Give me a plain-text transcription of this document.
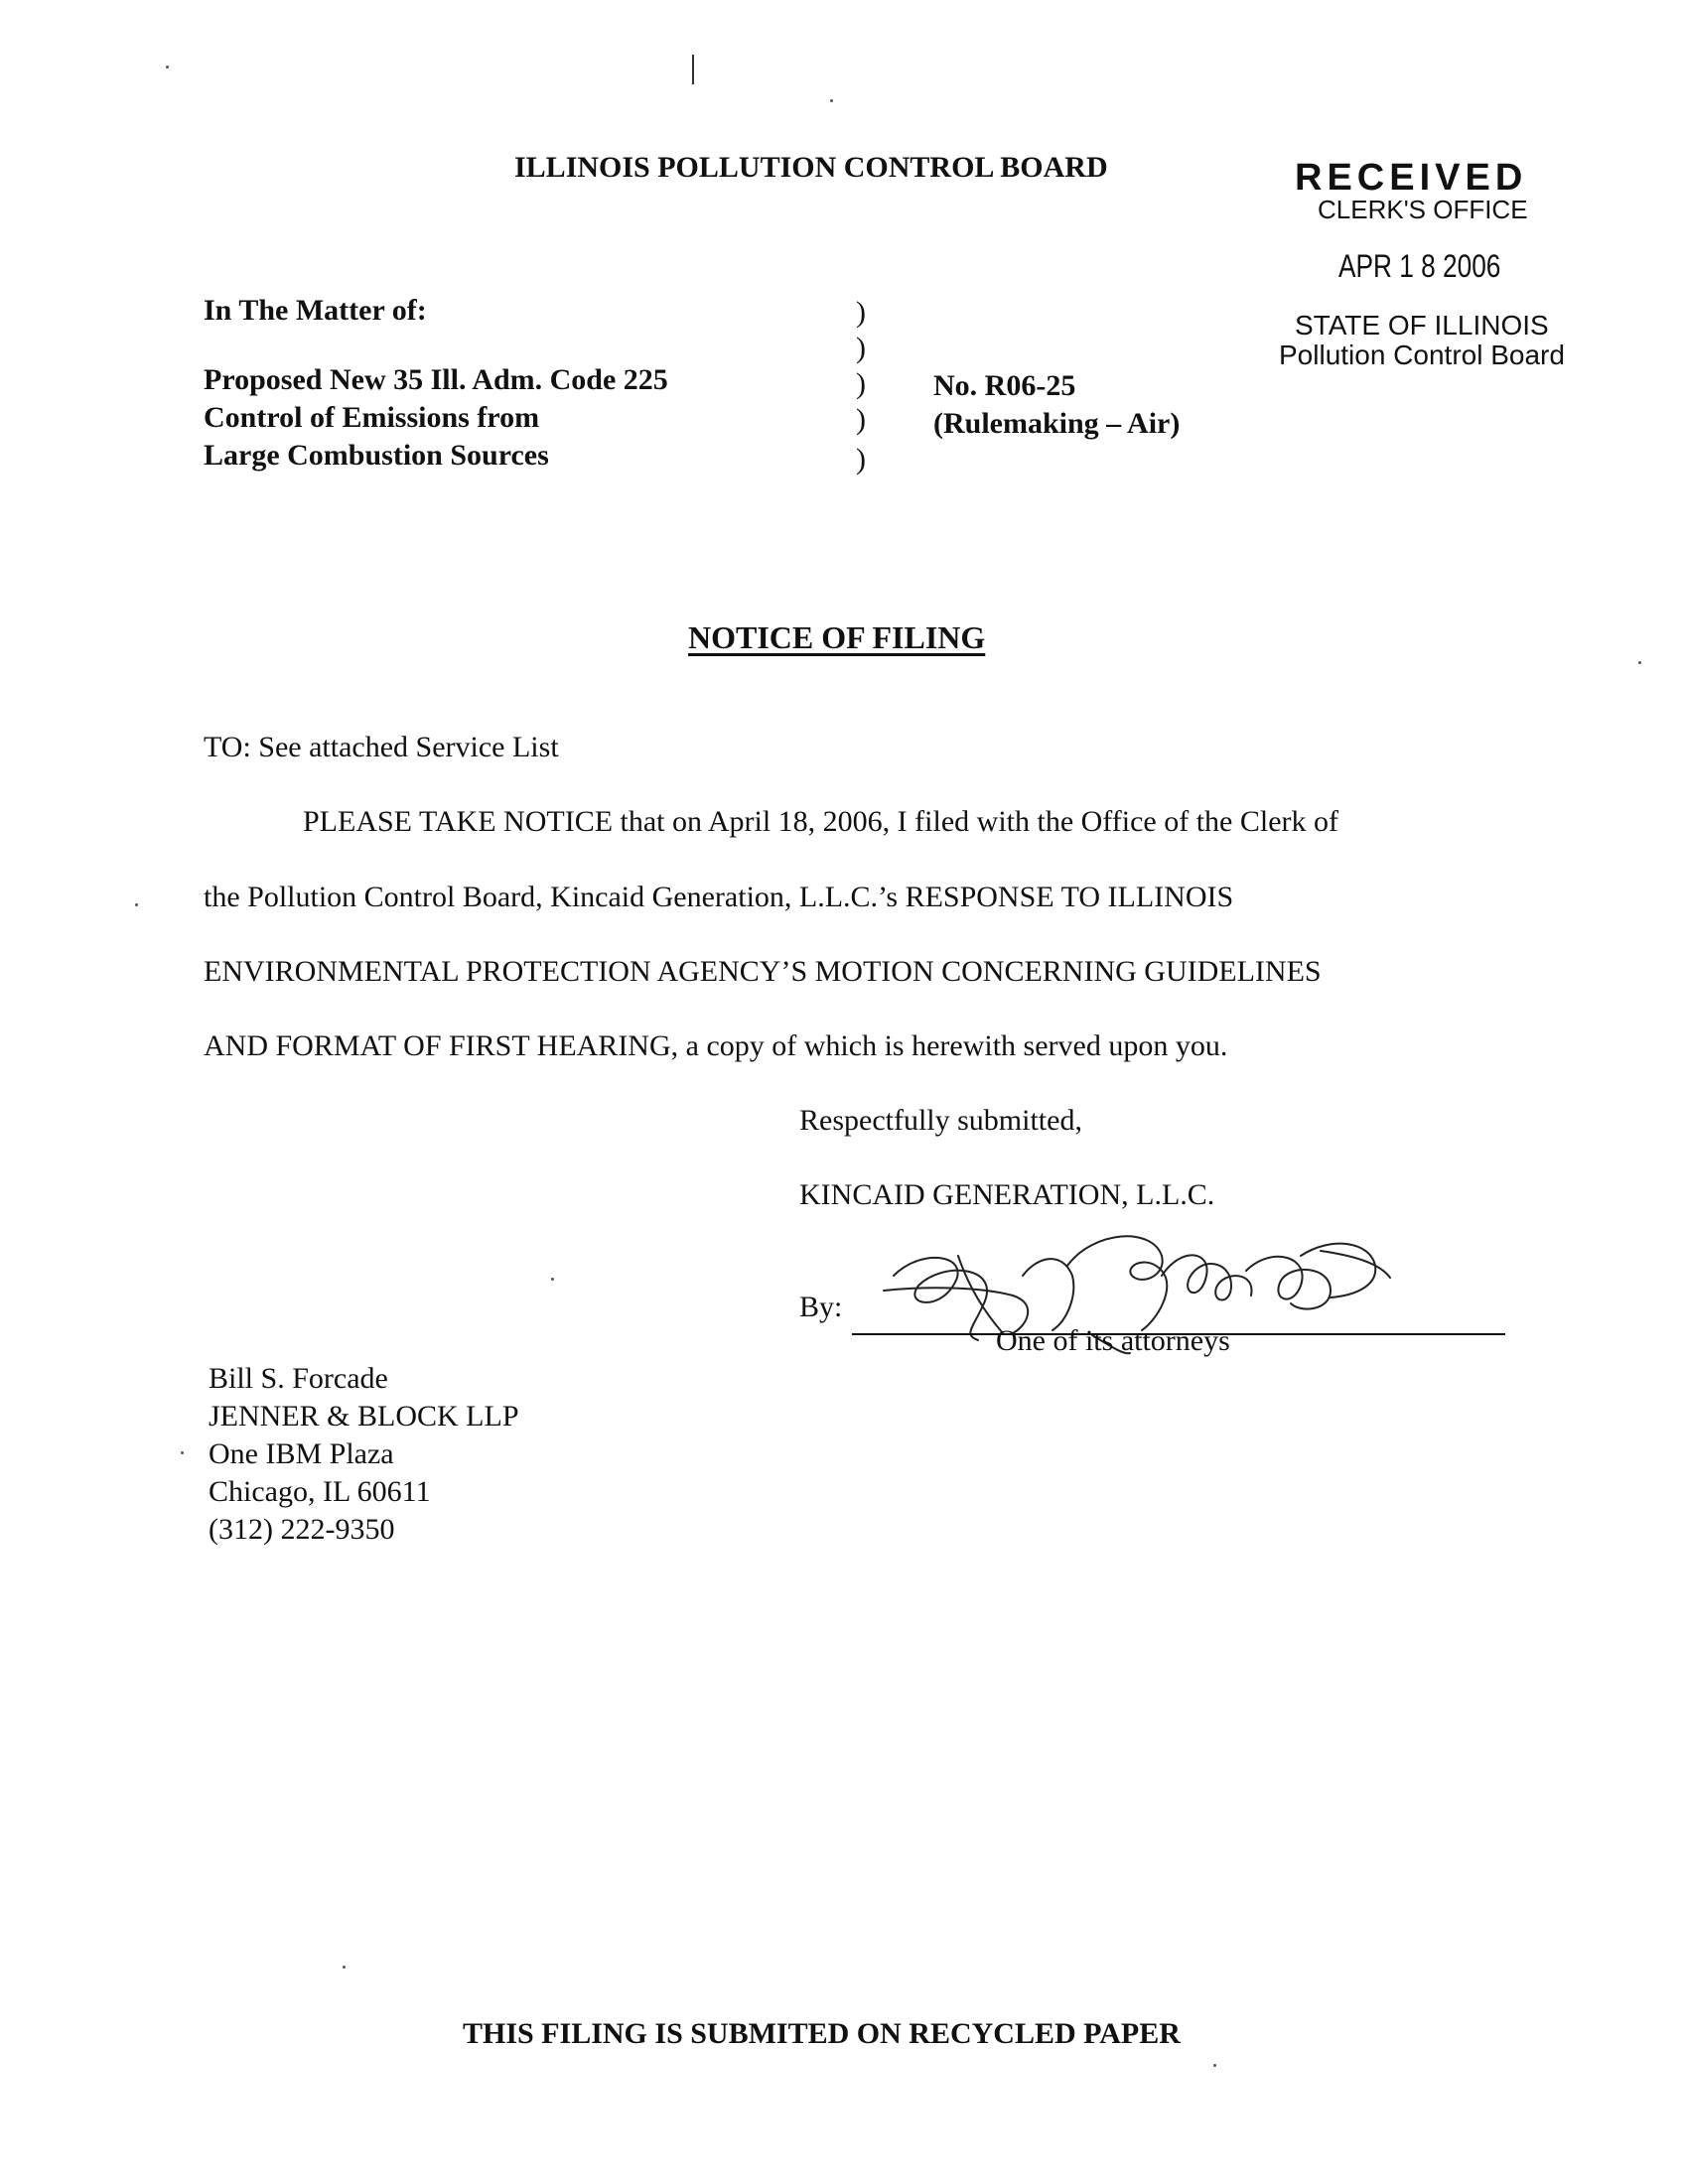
ILLINOIS POLLUTION CONTROL BOARD	RECEIVED
CLERK'S OFFICE
APR 1 8 2006
STATE OF ILLINOIS
Pollution Control Board
In The Matter of:
Proposed New 35 Ill. Adm. Code 225
Control of Emissions from
Large Combustion Sources
)
)
)
)
)
No. R06-25
(Rulemaking – Air)
NOTICE OF FILING
TO: See attached Service List
PLEASE TAKE NOTICE that on April 18, 2006, I filed with the Office of the Clerk of
the Pollution Control Board, Kincaid Generation, L.L.C.’s RESPONSE TO ILLINOIS
ENVIRONMENTAL PROTECTION AGENCY’S MOTION CONCERNING GUIDELINES
AND FORMAT OF FIRST HEARING, a copy of which is herewith served upon you.
Respectfully submitted,
KINCAID GENERATION, L.L.C.
By:
One of its attorneys
Bill S. Forcade
JENNER & BLOCK LLP
One IBM Plaza
Chicago, IL 60611
(312) 222-9350
THIS FILING IS SUBMITED ON RECYCLED PAPER
